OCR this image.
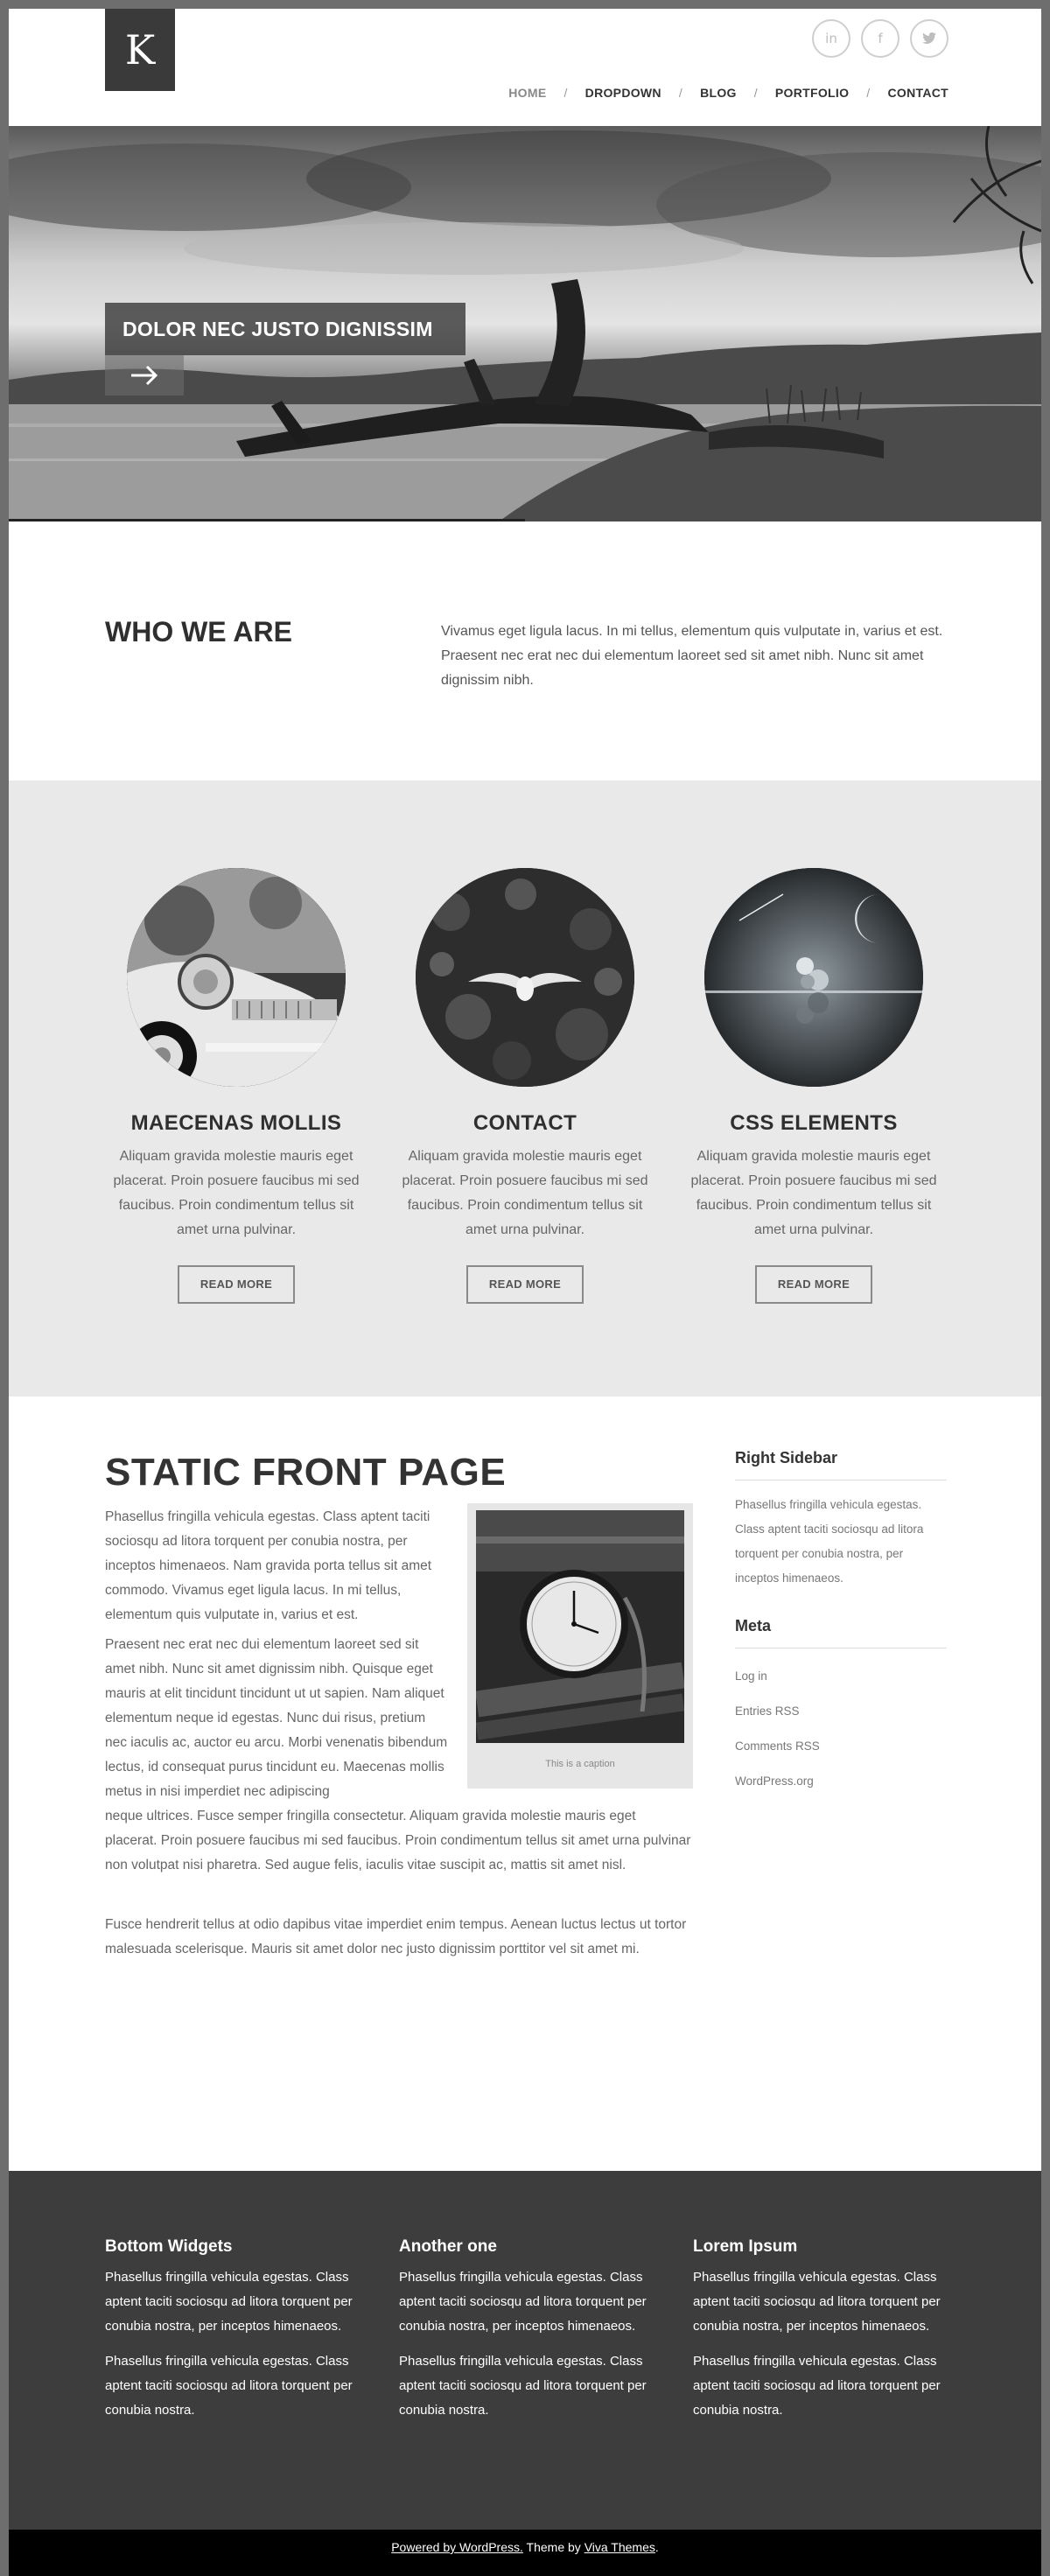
K	in	f
HOME / DROPDOWN / BLOG / PORTFOLIO / CONTACT
DOLOR NEC JUSTO DIGNISSIM
WHO WE ARE	Vivamus eget ligula lacus. In mi tellus, elementum quis vulputate in, varius et est. Praesent nec erat nec dui elementum laoreet sed sit amet nibh. Nunc sit amet dignissim nibh.

MAECENAS MOLLIS

Aliquam gravida molestie mauris eget placerat. Proin posuere faucibus mi sed faucibus. Proin condimentum tellus sit amet urna pulvinar.

READ MORE
CONTACT

Aliquam gravida molestie mauris eget placerat. Proin posuere faucibus mi sed faucibus. Proin condimentum tellus sit amet urna pulvinar.

READ MORE
CSS ELEMENTS

Aliquam gravida molestie mauris eget placerat. Proin posuere faucibus mi sed faucibus. Proin condimentum tellus sit amet urna pulvinar.

READ MORE
STATIC FRONT PAGE

Phasellus fringilla vehicula egestas. Class aptent taciti sociosqu ad litora torquent per conubia nostra, per inceptos himenaeos. Nam gravida porta tellus sit amet commodo. Vivamus eget ligula lacus. In mi tellus, elementum quis vulputate in, varius et est.

Praesent nec erat nec dui elementum laoreet sed sit amet nibh. Nunc sit amet dignissim nibh. Quisque eget mauris at elit tincidunt tincidunt ut ut sapien. Nam aliquet elementum neque id egestas. Nunc dui risus, pretium nec iaculis ac, auctor eu arcu. Morbi venenatis bibendum lectus, id consequat purus tincidunt eu. Maecenas mollis metus in nisi imperdiet nec adipiscing

neque ultrices. Fusce semper fringilla consectetur. Aliquam gravida molestie mauris eget placerat. Proin posuere faucibus mi sed faucibus. Proin condimentum tellus sit amet urna pulvinar non volutpat nisi pharetra. Sed augue felis, iaculis vitae suscipit ac, mattis sit amet nisl.

Fusce hendrerit tellus at odio dapibus vitae imperdiet enim tempus. Aenean luctus lectus ut tortor malesuada scelerisque. Mauris sit amet dolor nec justo dignissim porttitor vel sit amet mi.

This is a caption
Right Sidebar

Phasellus fringilla vehicula egestas. Class aptent taciti sociosqu ad litora torquent per conubia nostra, per inceptos himenaeos.

Meta
Log in
Entries RSS
Comments RSS
WordPress.org
Bottom Widgets

Phasellus fringilla vehicula egestas. Class aptent taciti sociosqu ad litora torquent per conubia nostra, per inceptos himenaeos.

Phasellus fringilla vehicula egestas. Class aptent taciti sociosqu ad litora torquent per conubia nostra.

Another one

Phasellus fringilla vehicula egestas. Class aptent taciti sociosqu ad litora torquent per conubia nostra, per inceptos himenaeos.

Phasellus fringilla vehicula egestas. Class aptent taciti sociosqu ad litora torquent per conubia nostra.

Lorem Ipsum

Phasellus fringilla vehicula egestas. Class aptent taciti sociosqu ad litora torquent per conubia nostra, per inceptos himenaeos.

Phasellus fringilla vehicula egestas. Class aptent taciti sociosqu ad litora torquent per conubia nostra.

Powered by WordPress. Theme by Viva Themes.
